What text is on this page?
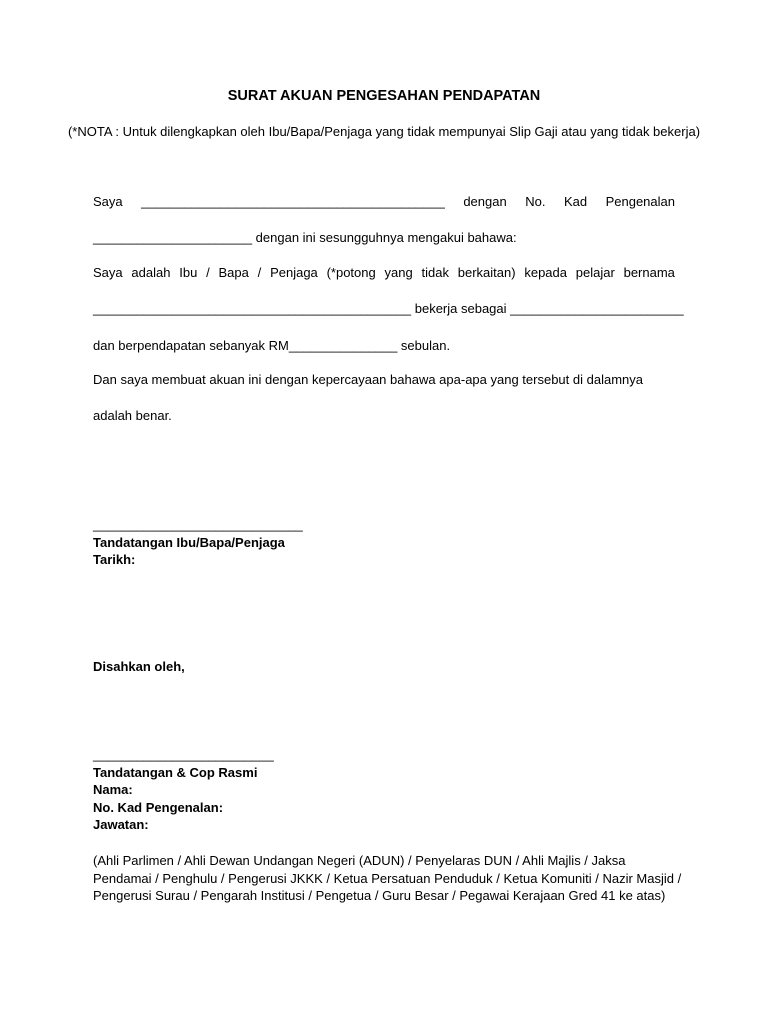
SURAT AKUAN PENGESAHAN PENDAPATAN
(*NOTA : Untuk dilengkapkan oleh Ibu/Bapa/Penjaga yang tidak mempunyai Slip Gaji atau yang tidak bekerja)
Saya __________________________________________ dengan No. Kad Pengenalan
______________________ dengan ini sesungguhnya mengakui bahawa:
Saya adalah Ibu / Bapa / Penjaga (*potong yang tidak berkaitan) kepada pelajar bernama
____________________________________________ bekerja sebagai ________________________
dan berpendapatan sebanyak RM_______________ sebulan.
Dan saya membuat akuan ini dengan kepercayaan bahawa apa-apa yang tersebut di dalamnya
adalah benar.
_____________________________
Tandatangan Ibu/Bapa/Penjaga
Tarikh:
Disahkan oleh,
_________________________
Tandatangan & Cop Rasmi
Nama:
No. Kad Pengenalan:
Jawatan:
(Ahli Parlimen / Ahli Dewan Undangan Negeri (ADUN) / Penyelaras DUN / Ahli Majlis / Jaksa Pendamai / Penghulu / Pengerusi JKKK / Ketua Persatuan Penduduk / Ketua Komuniti / Nazir Masjid / Pengerusi Surau / Pengarah Institusi / Pengetua / Guru Besar / Pegawai Kerajaan Gred 41 ke atas)
